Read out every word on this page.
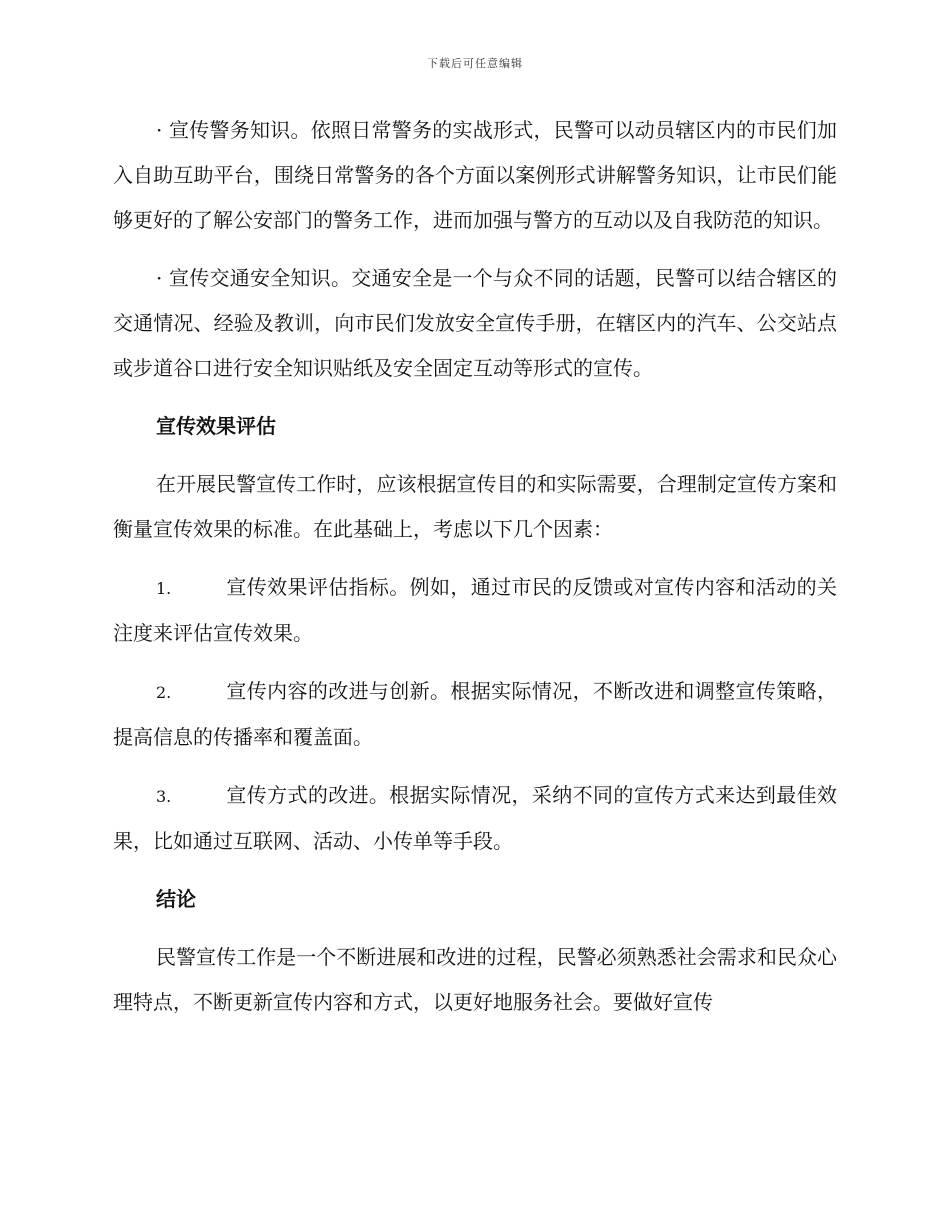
下载后可任意编辑

· 宣传警务知识。依照日常警务的实战形式，民警可以动员辖区内的市民们加入自助互助平台，围绕日常警务的各个方面以案例形式讲解警务知识，让市民们能够更好的了解公安部门的警务工作，进而加强与警方的互动以及自我防范的知识。

· 宣传交通安全知识。交通安全是一个与众不同的话题，民警可以结合辖区的交通情况、经验及教训，向市民们发放安全宣传手册，在辖区内的汽车、公交站点或步道谷口进行安全知识贴纸及安全固定互动等形式的宣传。

宣传效果评估

在开展民警宣传工作时，应该根据宣传目的和实际需要，合理制定宣传方案和衡量宣传效果的标准。在此基础上，考虑以下几个因素：

1.	宣传效果评估指标。例如，通过市民的反馈或对宣传内容和活动的关注度来评估宣传效果。

2.	宣传内容的改进与创新。根据实际情况，不断改进和调整宣传策略，提高信息的传播率和覆盖面。

3.	宣传方式的改进。根据实际情况，采纳不同的宣传方式来达到最佳效果，比如通过互联网、活动、小传单等手段。

结论

民警宣传工作是一个不断进展和改进的过程，民警必须熟悉社会需求和民众心理特点，不断更新宣传内容和方式，以更好地服务社会。要做好宣传
